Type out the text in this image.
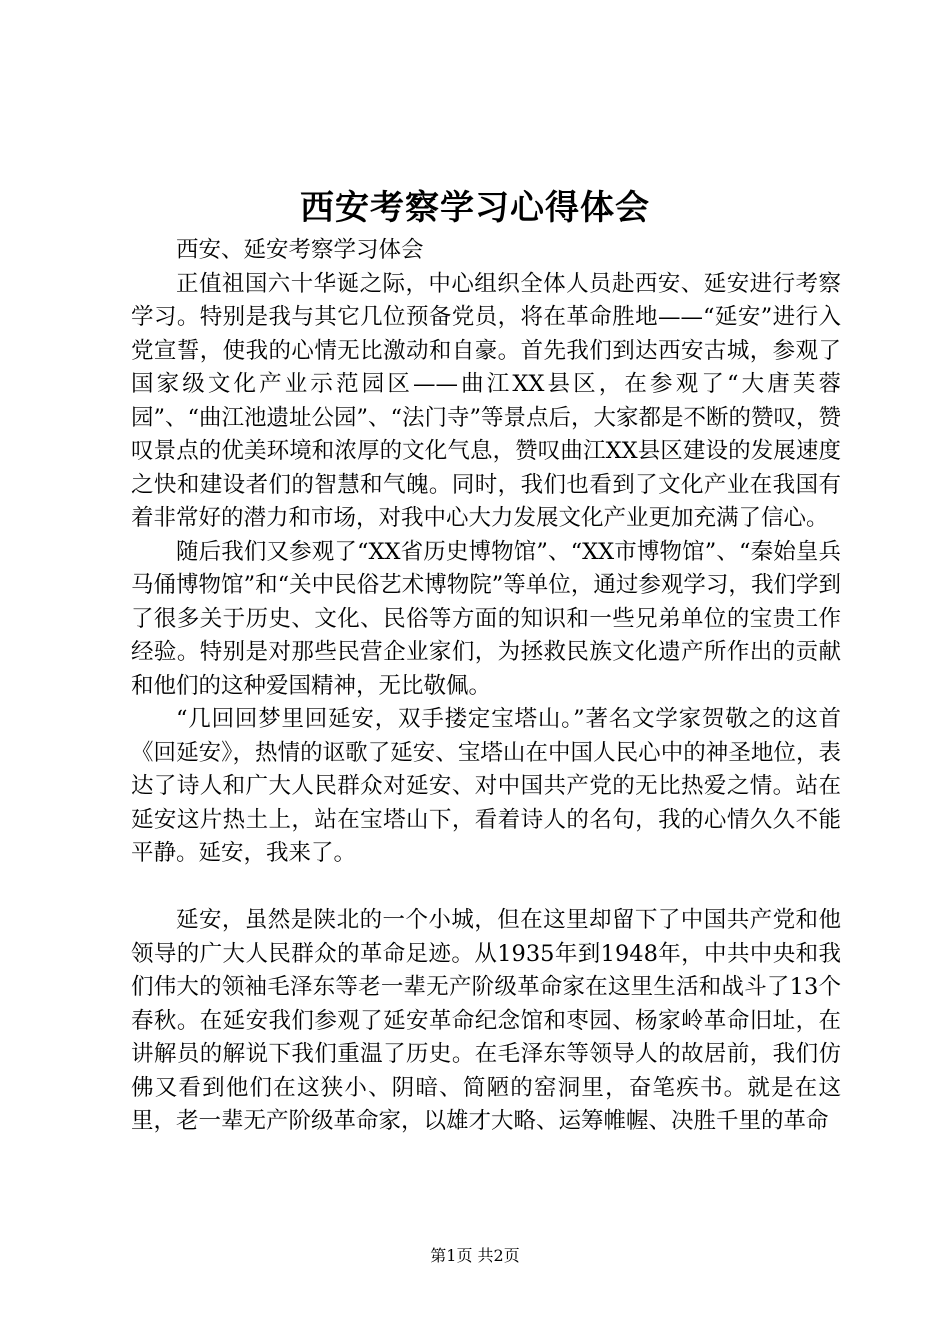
西安考察学习心得体会

西安、延安考察学习体会

正值祖国六十华诞之际，中心组织全体人员赴西安、延安进行考察学习。特别是我与其它几位预备党员，将在革命胜地——“延安”进行入党宣誓，使我的心情无比激动和自豪。首先我们到达西安古城，参观了国家级文化产业示范园区——曲江XX县区，在参观了“大唐芙蓉园”、“曲江池遗址公园”、“法门寺”等景点后，大家都是不断的赞叹，赞叹景点的优美环境和浓厚的文化气息，赞叹曲江XX县区建设的发展速度之快和建设者们的智慧和气魄。同时，我们也看到了文化产业在我国有着非常好的潜力和市场，对我中心大力发展文化产业更加充满了信心。

随后我们又参观了“XX省历史博物馆”、“XX市博物馆”、“秦始皇兵马俑博物馆”和“关中民俗艺术博物院”等单位，通过参观学习，我们学到了很多关于历史、文化、民俗等方面的知识和一些兄弟单位的宝贵工作经验。特别是对那些民营企业家们，为拯救民族文化遗产所作出的贡献和他们的这种爱国精神，无比敬佩。

“几回回梦里回延安，双手搂定宝塔山。”著名文学家贺敬之的这首《回延安》，热情的讴歌了延安、宝塔山在中国人民心中的神圣地位，表达了诗人和广大人民群众对延安、对中国共产党的无比热爱之情。站在延安这片热土上，站在宝塔山下，看着诗人的名句，我的心情久久不能平静。延安，我来了。

延安，虽然是陕北的一个小城，但在这里却留下了中国共产党和他领导的广大人民群众的革命足迹。从1935年到1948年，中共中央和我们伟大的领袖毛泽东等老一辈无产阶级革命家在这里生活和战斗了13个春秋。在延安我们参观了延安革命纪念馆和枣园、杨家岭革命旧址，在讲解员的解说下我们重温了历史。在毛泽东等领导人的故居前，我们仿佛又看到他们在这狭小、阴暗、简陋的窑洞里，奋笔疾书。就是在这里，老一辈无产阶级革命家，以雄才大略、运筹帷幄、决胜千里的革命

第1页 共2页
